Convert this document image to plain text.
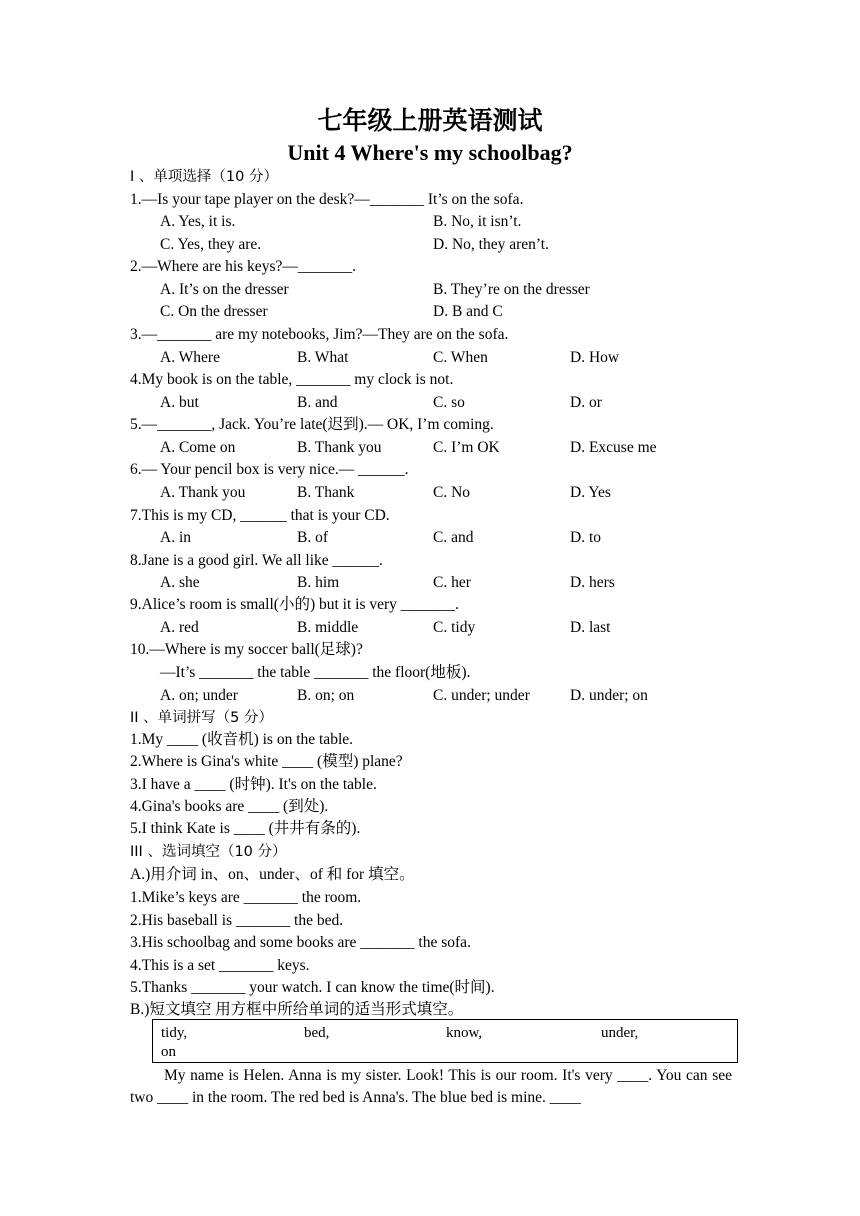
七年级上册英语测试
Unit 4 Where's my schoolbag?
I 、单项选择（10 分）
1.—Is your tape player on the desk?—_______ It’s on the sofa.
A. Yes, it is.	B. No, it isn’t.
C. Yes, they are.	D. No, they aren’t.
2.—Where are his keys?—_______.
A. It’s on the dresser	B. They’re on the dresser
C. On the dresser	D. B and C
3.—_______ are my notebooks, Jim?—They are on the sofa.
A. Where	B. What	C. When	D. How
4.My book is on the table, _______ my clock is not.
A. but	B. and	C. so	D. or
5.—_______, Jack. You’re late(迟到).— OK, I’m coming.
A. Come on	B. Thank you	C. I’m OK	D. Excuse me
6.— Your pencil box is very nice.— ______.
A. Thank you	B. Thank	C. No	D. Yes
7.This is my CD, ______ that is your CD.
A. in	B. of	C. and	D. to
8.Jane is a good girl. We all like ______.
A. she	B. him	C. her	D. hers
9.Alice’s room is small(小的) but it is very _______.
A. red	B. middle	C. tidy	D. last
10.—Where is my soccer ball(足球)?
—It’s _______ the table _______ the floor(地板).
A. on; under	B. on; on	C. under; under	D. under; on
II 、单词拼写（5 分）
1.My ____ (收音机) is on the table.
2.Where is Gina's white ____ (模型) plane?
3.I have a ____ (时钟). It's on the table.
4.Gina's books are ____ (到处).
5.I think Kate is ____ (井井有条的).
III 、选词填空（10 分）
A.)用介词 in、on、under、of 和 for 填空。
1.Mike’s keys are _______ the room.
2.His baseball is _______ the bed.
3.His schoolbag and some books are _______ the sofa.
4.This is a set _______ keys.
5.Thanks _______ your watch. I can know the time(时间).
B.)短文填空 用方框中所给单词的适当形式填空。
tidy,	bed,	know,	under,
on
My name is Helen. Anna is my sister. Look! This is our room. It's very ____. You can see two ____ in the room. The red bed is Anna's. The blue bed is mine. ____
